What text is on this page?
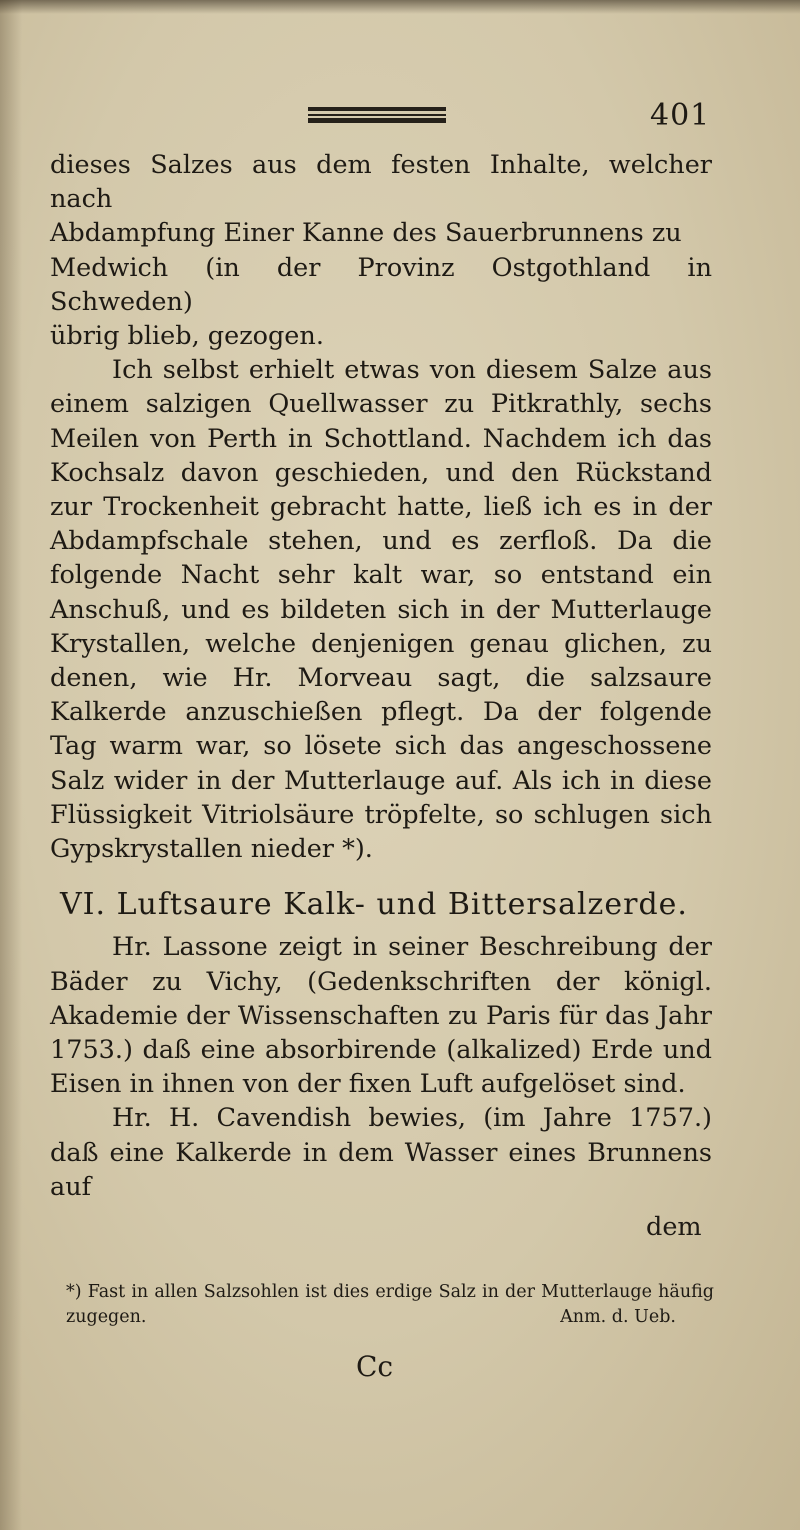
401

dieses Salzes aus dem festen Inhalte, welcher nach
Abdampfung Einer Kanne des Sauerbrunnens zu
Medwich (in der Provinz Ostgothland in Schweden)
übrig blieb, gezogen.

Ich selbst erhielt etwas von diesem Salze aus einem salzigen Quellwasser zu Pitkrathly, sechs Meilen von Perth in Schottland. Nachdem ich das Kochsalz davon geschieden, und den Rückstand zur Trockenheit gebracht hatte, ließ ich es in der Abdampfschale stehen, und es zerfloß. Da die folgende Nacht sehr kalt war, so entstand ein Anschuß, und es bildeten sich in der Mutterlauge Krystallen, welche denjenigen genau glichen, zu denen, wie Hr. Morveau sagt, die salzsaure Kalkerde anzuschießen pflegt. Da der folgende Tag warm war, so lösete sich das angeschossene Salz wider in der Mutterlauge auf. Als ich in diese Flüssigkeit Vitriolsäure tröpfelte, so schlugen sich Gypskrystallen nieder *).

VI. Luftsaure Kalk- und Bittersalzerde.

Hr. Lassone zeigt in seiner Beschreibung der Bäder zu Vichy, (Gedenkschriften der königl. Akademie der Wissenschaften zu Paris für das Jahr 1753.) daß eine absorbirende (alkalized) Erde und Eisen in ihnen von der fixen Luft aufgelöset sind.

Hr. H. Cavendish bewies, (im Jahre 1757.) daß eine Kalkerde in dem Wasser eines Brunnens auf

dem
*) Fast in allen Salzsohlen ist dies erdige Salz in der Mutterlauge häufig zugegen.	Anm. d. Ueb.
Cc
